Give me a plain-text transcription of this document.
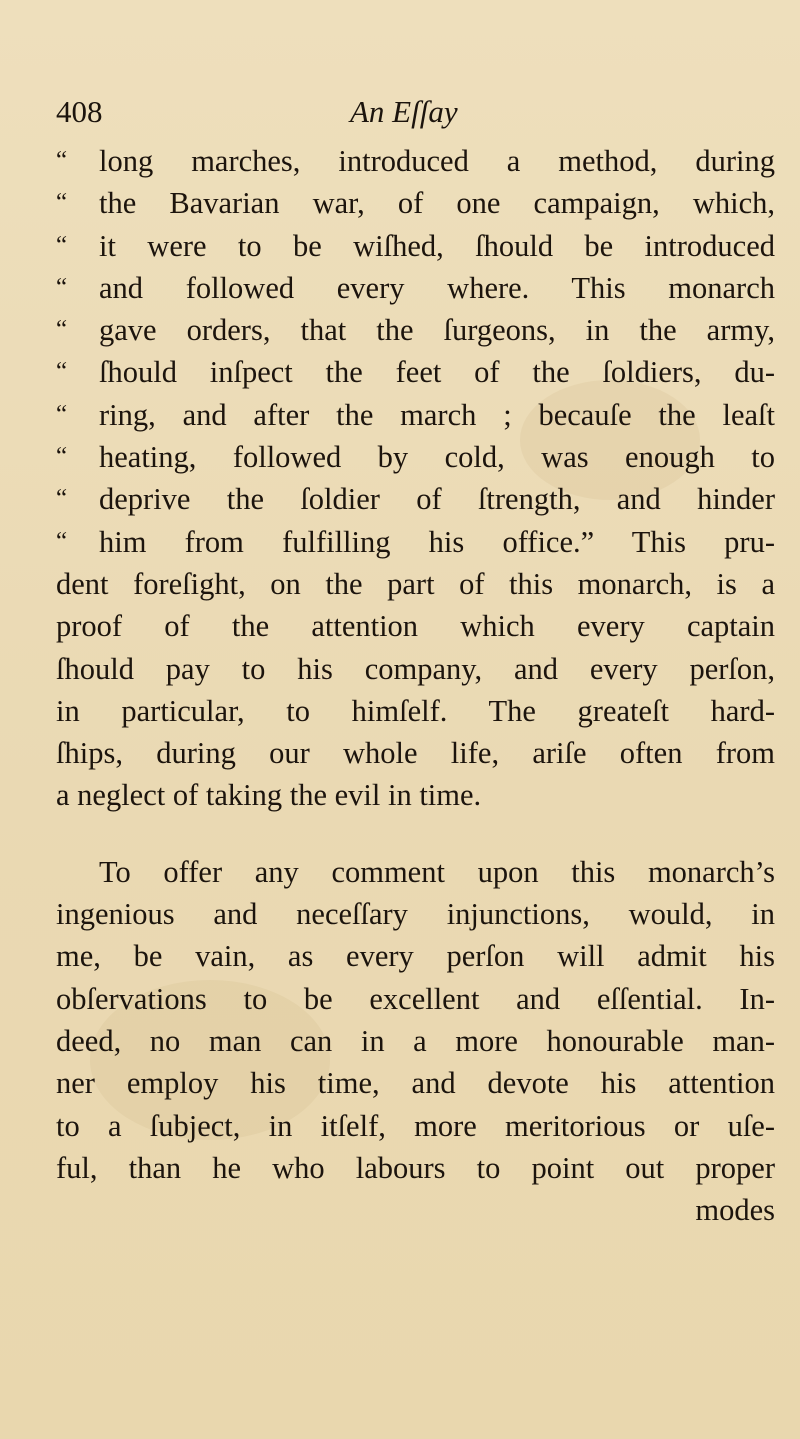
408	An Eſſay
“ long marches, introduced a method, during
“ the Bavarian war, of one campaign, which,
“ it were to be wiſhed, ſhould be introduced
“ and followed every where. This monarch
“ gave orders, that the ſurgeons, in the army,
“ ſhould inſpect the feet of the ſoldiers, du-
“ ring, and after the march ; becauſe the leaſt
“ heating, followed by cold, was enough to
“ deprive the ſoldier of ſtrength, and hinder
“ him from fulfilling his office.” This pru-
dent foreſight, on the part of this monarch, is a
proof of the attention which every captain
ſhould pay to his company, and every perſon,
in particular, to himſelf. The greateſt hard-
ſhips, during our whole life, ariſe often from
a neglect of taking the evil in time.
To offer any comment upon this monarch’s
ingenious and neceſſary injunctions, would, in
me, be vain, as every perſon will admit his
obſervations to be excellent and eſſential. In-
deed, no man can in a more honourable man-
ner employ his time, and devote his attention
to a ſubject, in itſelf, more meritorious or uſe-
ful, than he who labours to point out proper
modes
